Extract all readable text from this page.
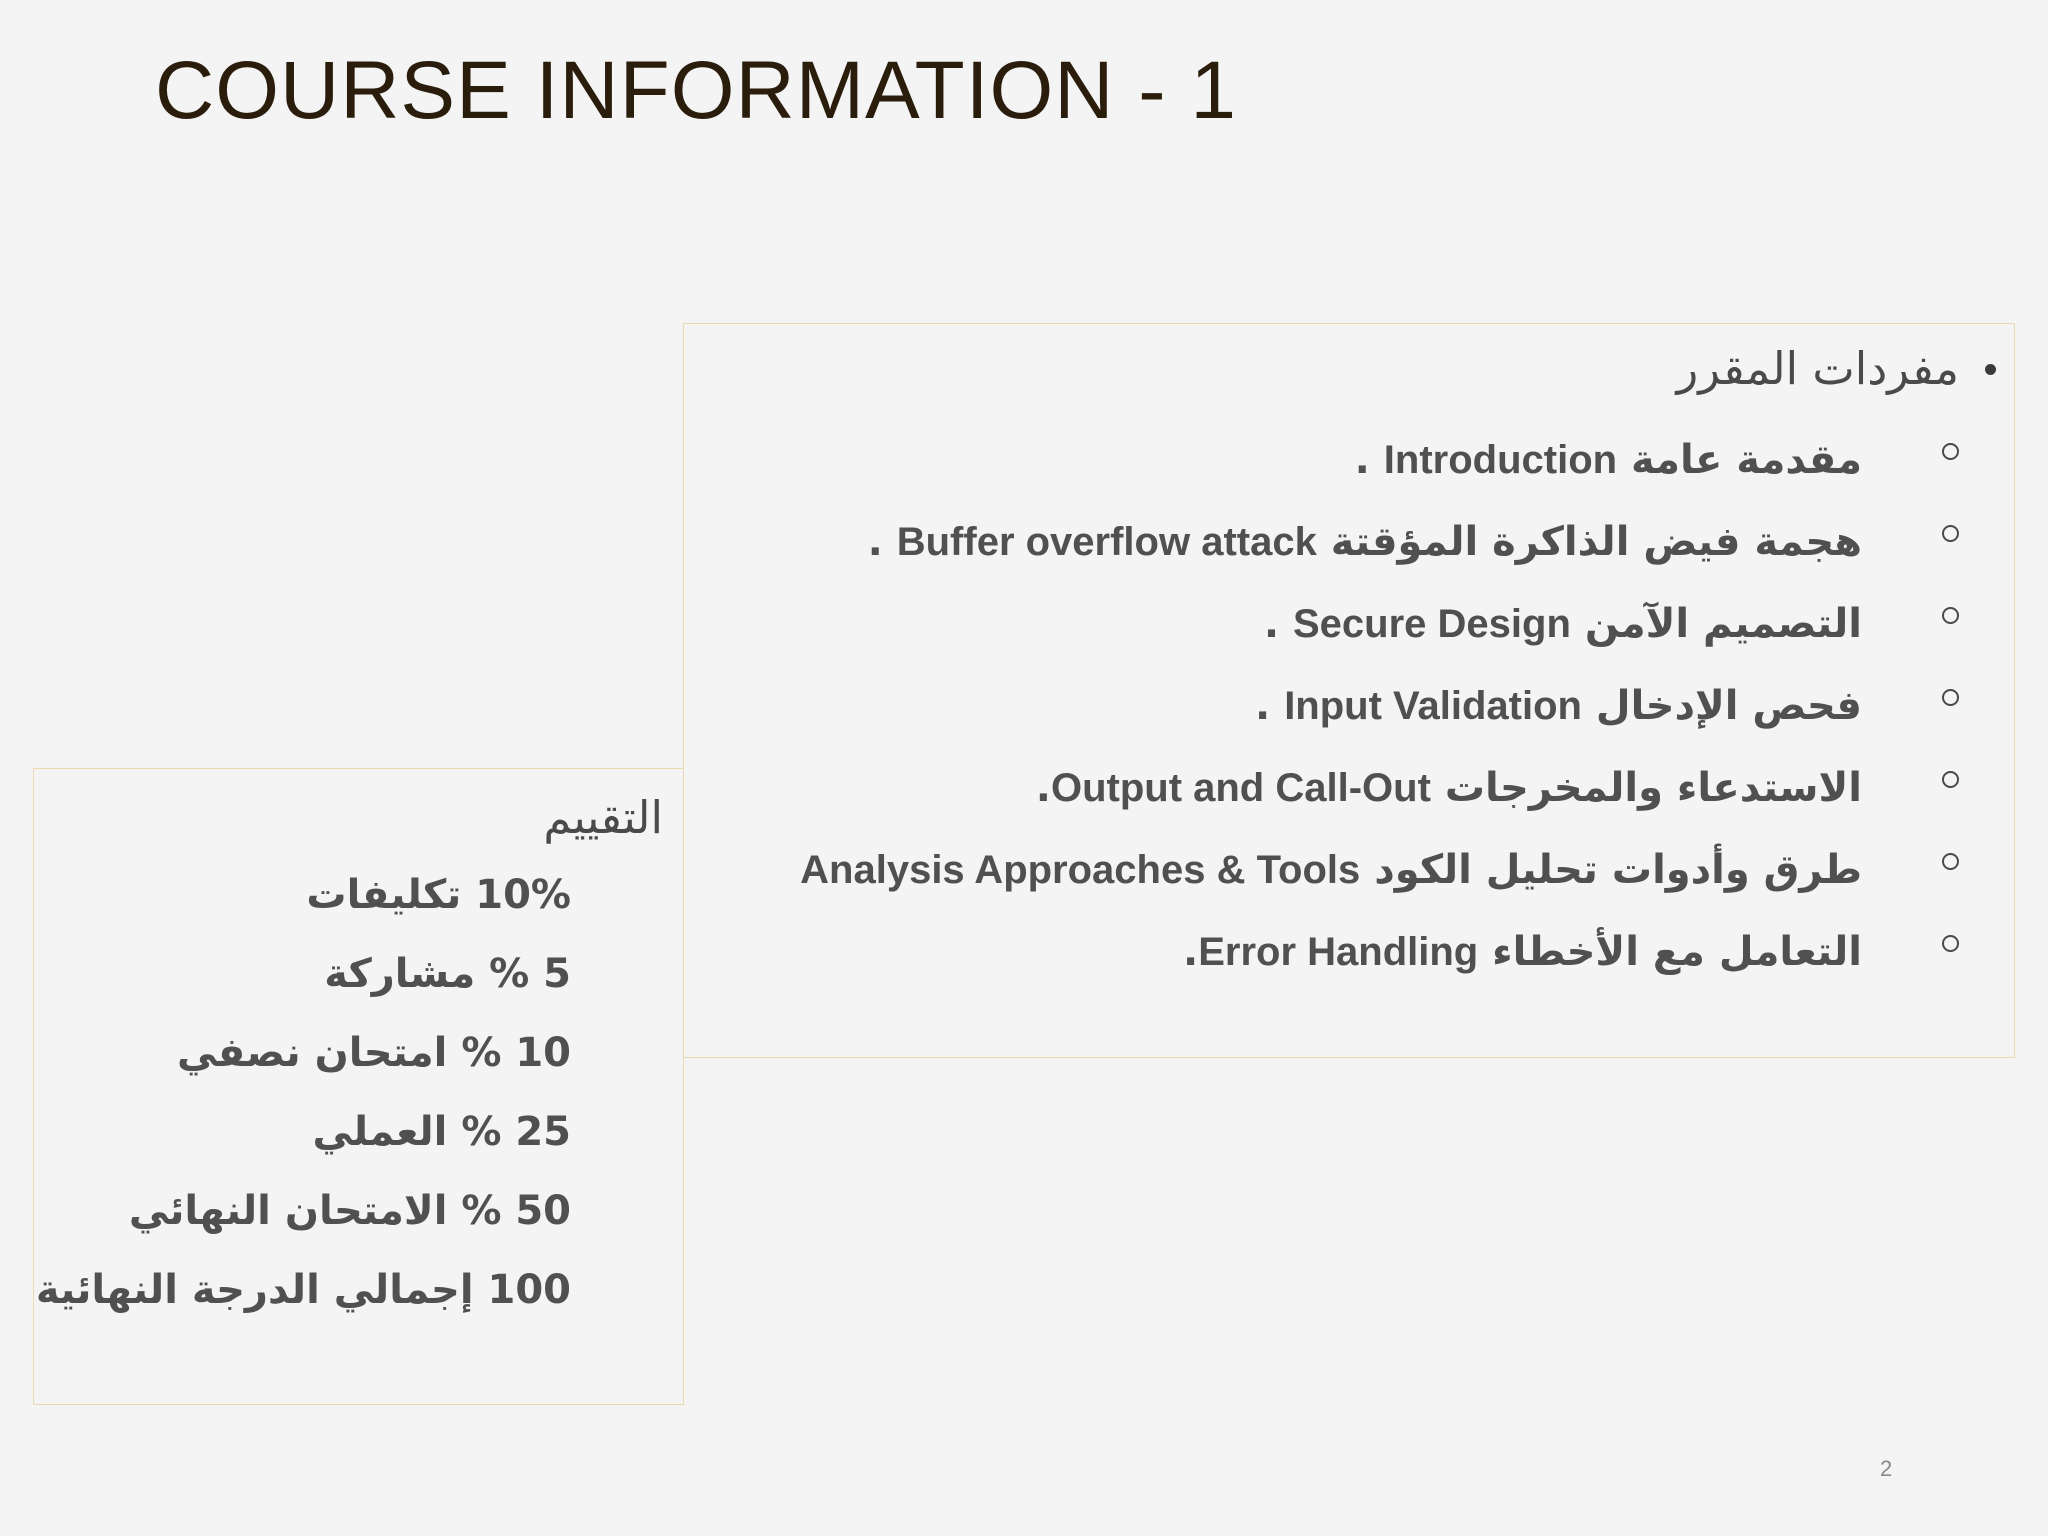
COURSE INFORMATION - 1
مفردات المقرر
مقدمة عامة Introduction .
هجمة فيض الذاكرة المؤقتة Buffer overflow attack .
التصميم الآمن Secure Design .
فحص الإدخال Input Validation .
الاستدعاء والمخرجات Output and Call-Out.
طرق وأدوات تحليل الكود Analysis Approaches & Tools
التعامل مع الأخطاء Error Handling.
التقييم
10% تكليفات
5 % مشاركة
10 % امتحان نصفي
25 % العملي
50 % الامتحان النهائي
100 إجمالي الدرجة النهائية
2
